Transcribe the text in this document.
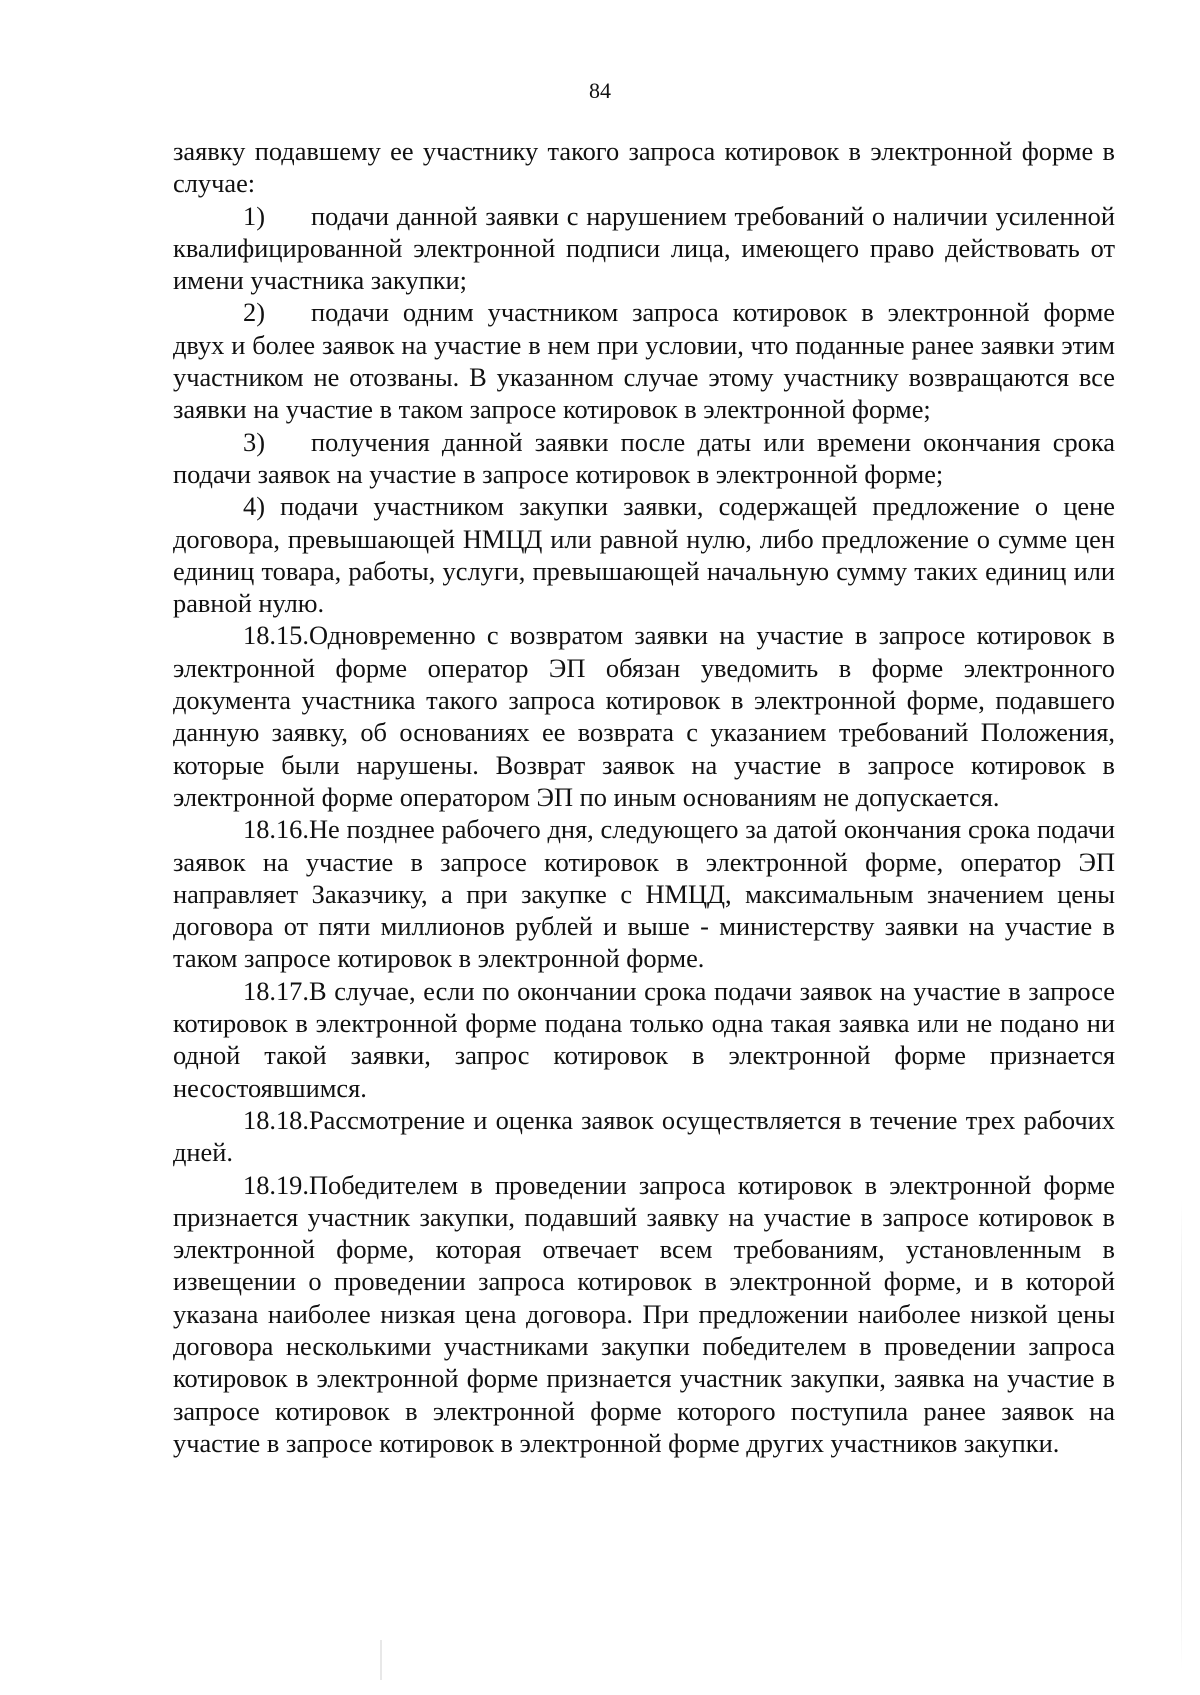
84

заявку подавшему ее участнику такого запроса котировок в электронной форме в случае:

1) подачи данной заявки с нарушением требований о наличии усиленной квалифицированной электронной подписи лица, имеющего право действовать от имени участника закупки;

2) подачи одним участником запроса котировок в электронной форме двух и более заявок на участие в нем при условии, что поданные ранее заявки этим участником не отозваны. В указанном случае этому участнику возвращаются все заявки на участие в таком запросе котировок в электронной форме;

3) получения данной заявки после даты или времени окончания срока подачи заявок на участие в запросе котировок в электронной форме;

4) подачи участником закупки заявки, содержащей предложение о цене договора, превышающей НМЦД или равной нулю, либо предложение о сумме цен единиц товара, работы, услуги, превышающей начальную сумму таких единиц или равной нулю.

18.15.Одновременно с возвратом заявки на участие в запросе котировок в электронной форме оператор ЭП обязан уведомить в форме электронного документа участника такого запроса котировок в электронной форме, подавшего данную заявку, об основаниях ее возврата с указанием требований Положения, которые были нарушены. Возврат заявок на участие в запросе котировок в электронной форме оператором ЭП по иным основаниям не допускается.

18.16.Не позднее рабочего дня, следующего за датой окончания срока подачи заявок на участие в запросе котировок в электронной форме, оператор ЭП направляет Заказчику, а при закупке с НМЦД, максимальным значением цены договора от пяти миллионов рублей и выше - министерству заявки на участие в таком запросе котировок в электронной форме.

18.17.В случае, если по окончании срока подачи заявок на участие в запросе котировок в электронной форме подана только одна такая заявка или не подано ни одной такой заявки, запрос котировок в электронной форме признается несостоявшимся.

18.18.Рассмотрение и оценка заявок осуществляется в течение трех рабочих дней.

18.19.Победителем в проведении запроса котировок в электронной форме признается участник закупки, подавший заявку на участие в запросе котировок в электронной форме, которая отвечает всем требованиям, установленным в извещении о проведении запроса котировок в электронной форме, и в которой указана наиболее низкая цена договора. При предложении наиболее низкой цены договора несколькими участниками закупки победителем в проведении запроса котировок в электронной форме признается участник закупки, заявка на участие в запросе котировок в электронной форме которого поступила ранее заявок на участие в запросе котировок в электронной форме других участников закупки.
